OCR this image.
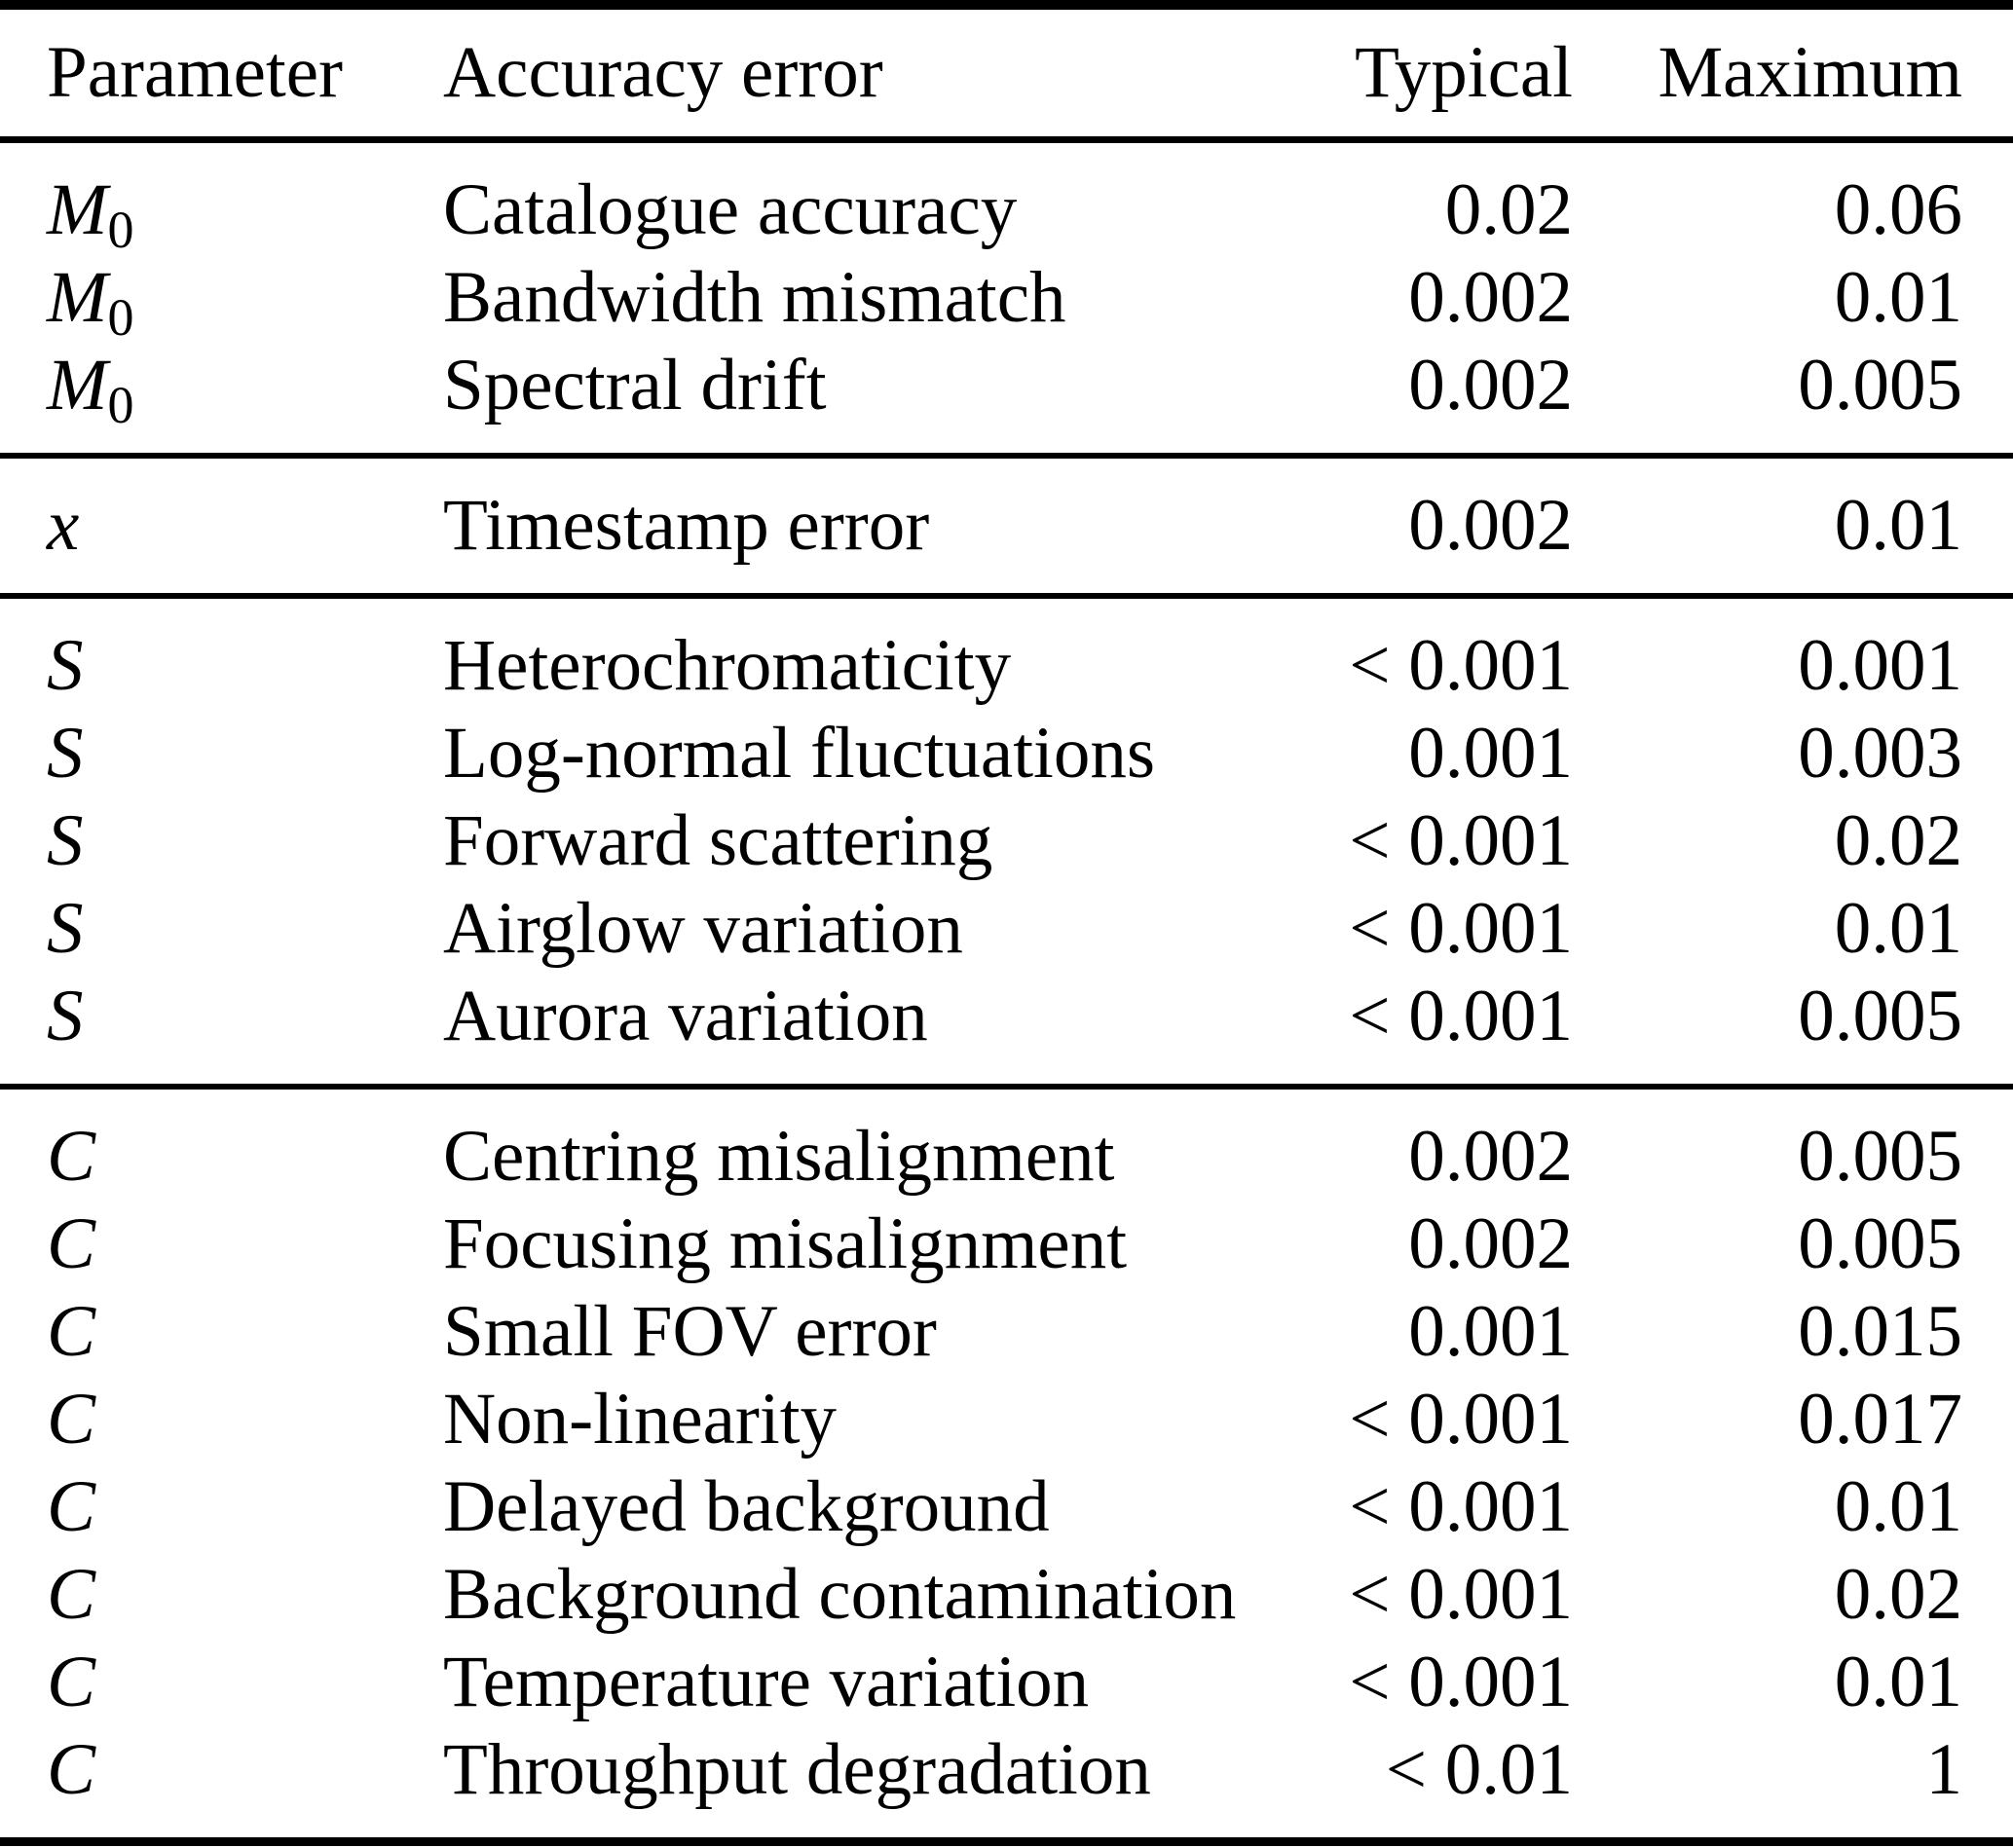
Parameter	Accuracy error	Typical	Maximum
M0	Catalogue accuracy	0.02	0.06
M0	Bandwidth mismatch	0.002	0.01
M0	Spectral drift	0.002	0.005
x	Timestamp error	0.002	0.01
S	Heterochromaticity	< 0.001	0.001
S	Log-normal fluctuations	0.001	0.003
S	Forward scattering	< 0.001	0.02
S	Airglow variation	< 0.001	0.01
S	Aurora variation	< 0.001	0.005
C	Centring misalignment	0.002	0.005
C	Focusing misalignment	0.002	0.005
C	Small FOV error	0.001	0.015
C	Non-linearity	< 0.001	0.017
C	Delayed background	< 0.001	0.01
C	Background contamination	< 0.001	0.02
C	Temperature variation	< 0.001	0.01
C	Throughput degradation	< 0.01	1
